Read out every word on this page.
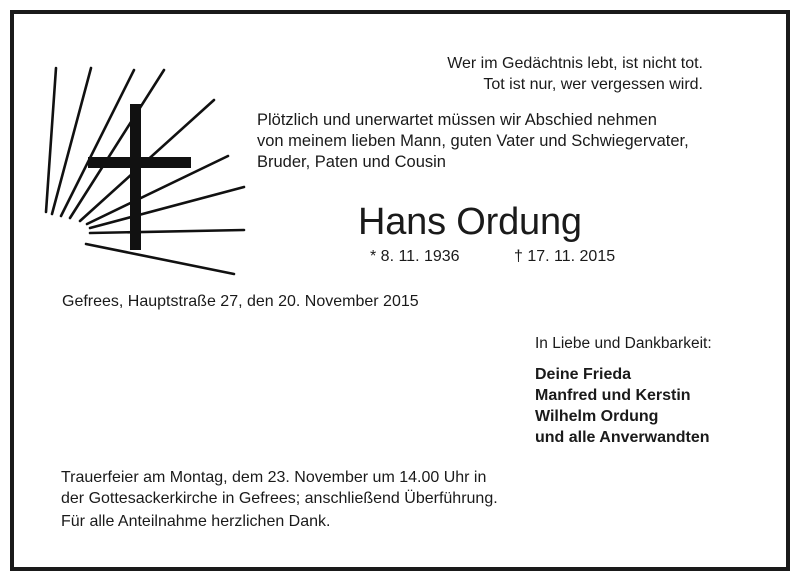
Wer im Gedächtnis lebt, ist nicht tot.
Tot ist nur, wer vergessen wird.
Plötzlich und unerwartet müssen wir Abschied nehmen
von meinem lieben Mann, guten Vater und Schwiegervater,
Bruder, Paten und Cousin
Hans Ordung
* 8. 11. 1936	† 17. 11. 2015
Gefrees, Hauptstraße 27, den 20. November 2015
In Liebe und Dankbarkeit:
Deine Frieda
Manfred und Kerstin
Wilhelm Ordung
und alle Anverwandten
Trauerfeier am Montag, dem 23. November um 14.00 Uhr in
der Gottesackerkirche in Gefrees; anschließend Überführung.
Für alle Anteilnahme herzlichen Dank.
